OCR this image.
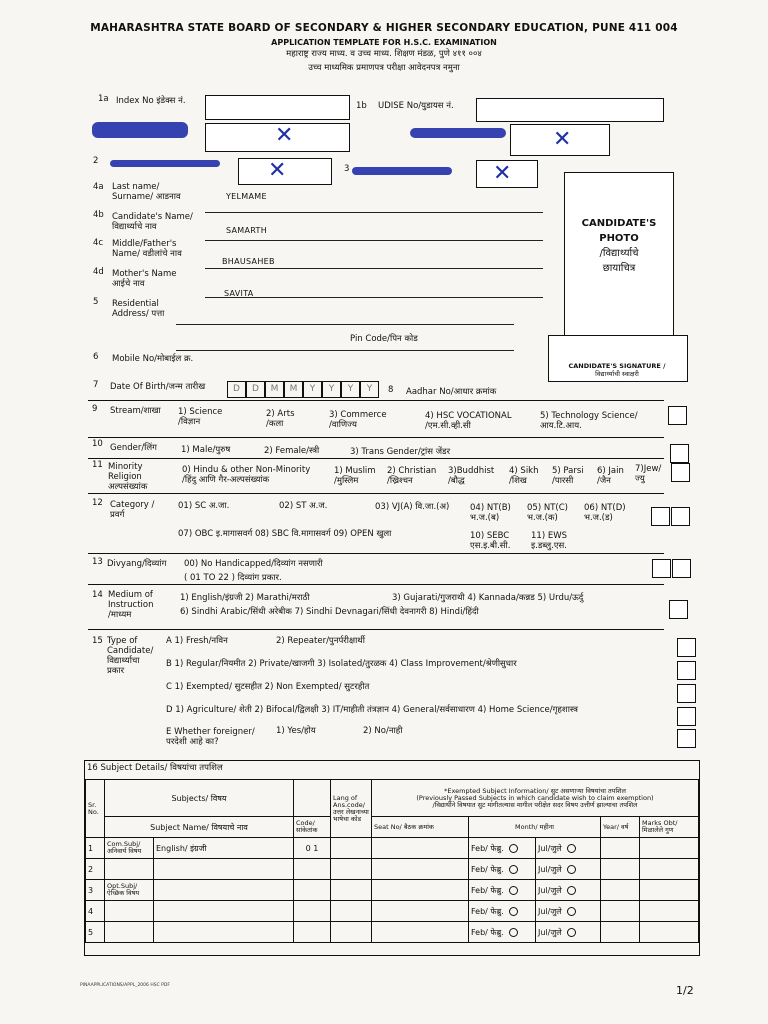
MAHARASHTRA STATE BOARD OF SECONDARY & HIGHER SECONDARY EDUCATION, PUNE 411 004
APPLICATION TEMPLATE FOR H.S.C. EXAMINATION
महाराष्ट्र राज्य माध्य. व उच्च माध्य. शिक्षण मंडळ, पुणे ४११ ००४
उच्च माध्यमिक प्रमाणपत्र परीक्षा आवेदनपत्र नमुना
1a Index No इंडेक्स नं.	1b UDISE No/युडायस नं.
✕	✕
2	✕	3	✕
CANDIDATE'S
PHOTO
/विद्यार्थ्याचे
छायाचित्र
CANDIDATE'S SIGNATURE /
विद्यार्थ्याची स्वाक्षरी
4a Last name/
Surname/ आडनाव	YELMAME
4b Candidate's Name/
विद्यार्थ्याचे नाव	SAMARTH
4c Middle/Father's
Name/ वडीलांचे नाव
BHAUSAHEB
4d Mother's Name
आईचे नाव
SAVITA
5 Residential
Address/ पत्ता
Pin Code/पिन कोड
6 Mobile No/मोबाईल क्र.
7 Date Of Birth/जन्म तारीख	D	D	M	M	Y	Y	Y	Y	8 Aadhar No/आधार क्रमांक
9 Stream/शाखा 1) Science
/विज्ञान
2) Arts
/कला
3) Commerce
/वाणिज्य
4) HSC VOCATIONAL
/एम.सी.व्ही.सी
5) Technology Science/
आय.टि.आय.
10 Gender/लिंग	1) Male/पुरुष	2) Female/स्त्री	3) Trans Gender/ट्रांस जेंडर
11 Minority
Religion
अल्पसंख्यांक
0) Hindu & other Non-Minority
/हिंदु आणि गैर-अल्पसंख्यांक
1) Muslim
/मुस्लिम
2) Christian
/ख्रिश्चन
3)Buddhist
/बौद्ध
4) Sikh
/शिख
5) Parsi
/पारसी
6) Jain
/जैन
7)Jew/
ज्यु
12 Category /
प्रवर्ग
01) SC अ.जा.	02) ST अ.ज.	03) VJ(A) वि.जा.(अ) 04) NT(B)
भ.ज.(ब)
05) NT(C)
भ.ज.(क)
06) NT(D)
भ.ज.(ड)
07) OBC इ.मागासवर्ग 08) SBC वि.मागासवर्ग 09) OPEN खुला	10) SEBC
एस.इ.बी.सी.
11) EWS
इ.डब्लु.एस.
13 Divyang/दिव्यांग 00) No Handicapped/दिव्यांग नसणारी
( 01 TO 22 ) दिव्यांग प्रकार.
14 Medium of
Instruction
/माध्यम
1) English/इंग्रजी 2) Marathi/मराठी	3) Gujarati/गुजराथी 4) Kannada/कन्नड 5) Urdu/ऊर्दु
6) Sindhi Arabic/सिंधी अरेबीक 7) Sindhi Devnagari/सिंधी देवनागरी 8) Hindi/हिंदी
15 Type of
Candidate/
विद्यार्थ्याचा
प्रकार
A 1) Fresh/नविन	2) Repeater/पुनर्परीक्षार्थी
B 1) Regular/नियमीत 2) Private/खाजगी 3) Isolated/तुरळक 4) Class Improvement/श्रेणीसुधार
C 1) Exempted/ सुटसहीत 2) Non Exempted/ सुटरहीत
D 1) Agriculture/ शेती 2) Bifocal/द्विलक्षी 3) IT/माहीती तंत्रज्ञान 4) General/सर्वसाधारण 4) Home Science/गृहशास्त्र
E Whether foreigner/
परदेशी आहे का?
1) Yes/होय	2) No/नाही
16 Subject Details/ विषयांचा तपशिल
Sr. No.	Subjects/ विषय			Lang of Ans.code/ उत्तर लेखनाच्या भाषेचा कोड	*Exempted Subject Information/ सुट असणाऱ्या विषयांचा तपशिल
(Previously Passed Subjects in which candidate wish to claim exemption)
/विद्यार्थीने विषयात सुट मागीतल्यास मागील परीक्षेत सदर विषय उत्तीर्ण झाल्याचा तपशिल				

	Subject Name/ विषयाचे नाव		Code/ सांकेतांक		Seat No/ बैठक क्रमांक	Month/ महीना		Year/ वर्ष	Marks Obt/ मिळालेले गुण
1	Com.Subj/ अनिवार्य विषय	English/ इंग्रजी	0 1			Feb/ फेब्रु.	Jul/जुले		
2						Feb/ फेब्रु.	Jul/जुले		
3	Opt.Subj/ ऐच्छिक विषय					Feb/ फेब्रु.	Jul/जुले		
4						Feb/ फेब्रु.	Jul/जुले		
5						Feb/ फेब्रु.	Jul/जुले		
PINAAPPLICATIONS/APPL_2006 HSC PDF	1/2
